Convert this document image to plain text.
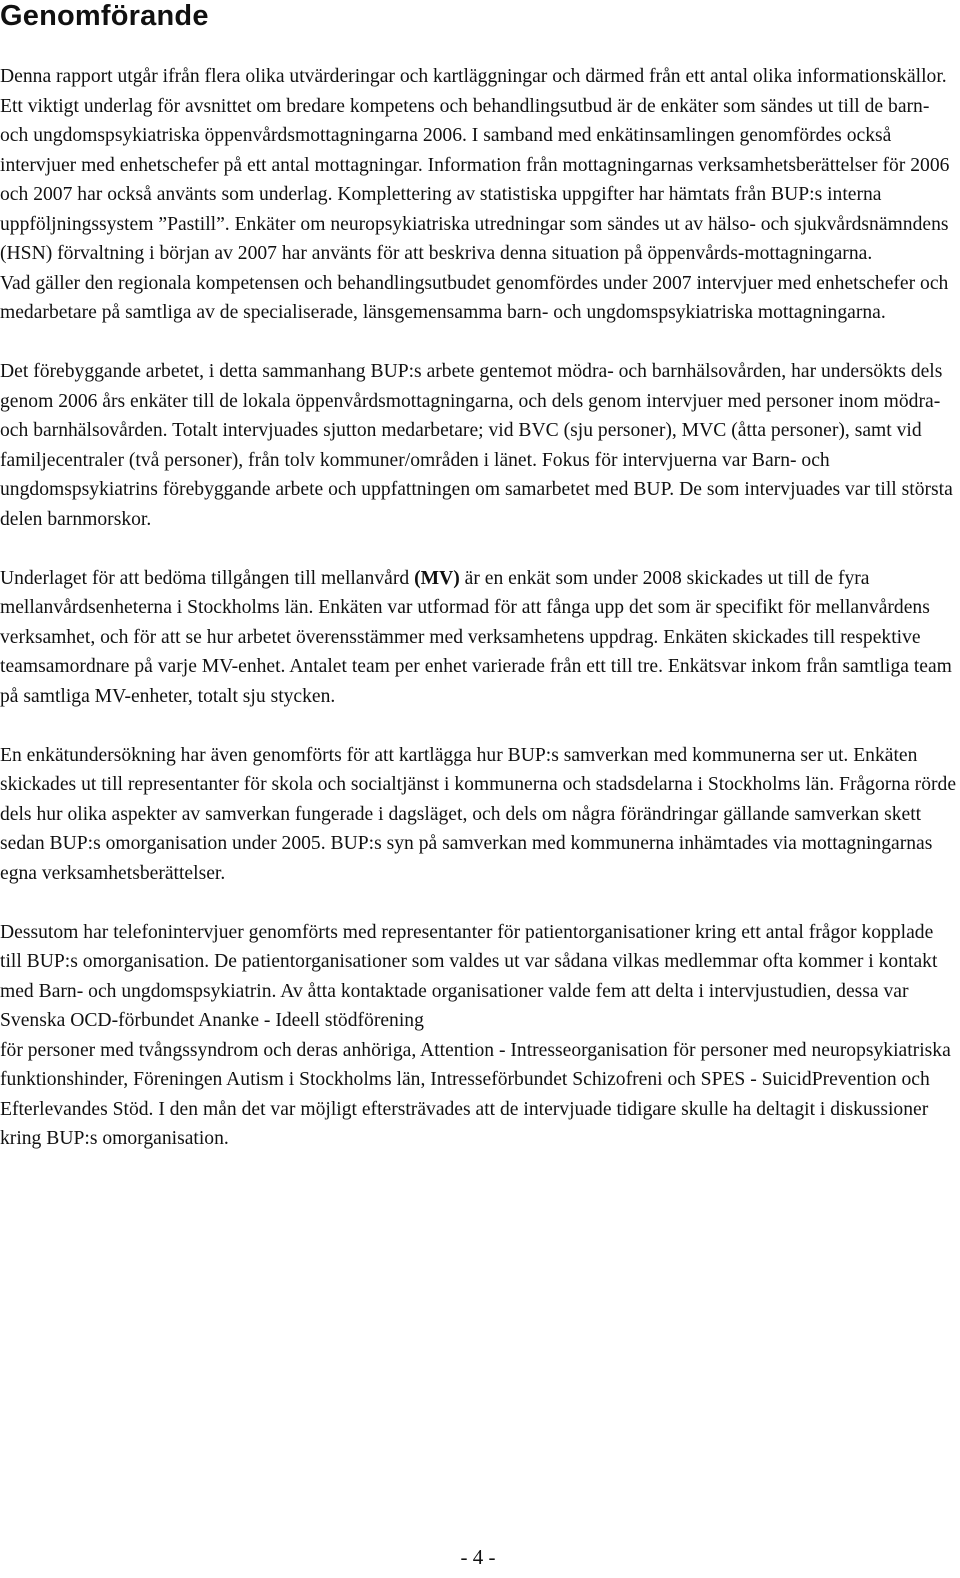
Genomförande

Denna rapport utgår ifrån flera olika utvärderingar och kartläggningar och därmed från ett antal olika informationskällor. Ett viktigt underlag för avsnittet om bredare kompetens och behandlingsutbud är de enkäter som sändes ut till de barn- och ungdomspsykiatriska öppenvårdsmottagningarna 2006. I samband med enkätinsamlingen genomfördes också intervjuer med enhetschefer på ett antal mottagningar. Information från mottagningarnas verksamhetsberättelser för 2006 och 2007 har också använts som underlag. Komplettering av statistiska uppgifter har hämtats från BUP:s interna uppföljningssystem ”Pastill”. Enkäter om neuropsykiatriska utredningar som sändes ut av hälso- och sjukvårdsnämndens (HSN) förvaltning i början av 2007 har använts för att beskriva denna situation på öppenvårds-mottagningarna.

Vad gäller den regionala kompetensen och behandlingsutbudet genomfördes under 2007 intervjuer med enhetschefer och medarbetare på samtliga av de specialiserade, länsgemensamma barn- och ungdomspsykiatriska mottagningarna.

Det förebyggande arbetet, i detta sammanhang BUP:s arbete gentemot mödra- och barnhälsovården, har undersökts dels genom 2006 års enkäter till de lokala öppenvårdsmottagningarna, och dels genom intervjuer med personer inom mödra- och barnhälsovården. Totalt intervjuades sjutton medarbetare; vid BVC (sju personer), MVC (åtta personer), samt vid familjecentraler (två personer), från tolv kommuner/områden i länet. Fokus för intervjuerna var Barn- och ungdomspsykiatrins förebyggande arbete och uppfattningen om samarbetet med BUP. De som intervjuades var till största delen barnmorskor.

Underlaget för att bedöma tillgången till mellanvård (MV) är en enkät som under 2008 skickades ut till de fyra mellanvårdsenheterna i Stockholms län. Enkäten var utformad för att fånga upp det som är specifikt för mellanvårdens verksamhet, och för att se hur arbetet överensstämmer med verksamhetens uppdrag. Enkäten skickades till respektive teamsamordnare på varje MV-enhet. Antalet team per enhet varierade från ett till tre. Enkätsvar inkom från samtliga team på samtliga MV-enheter, totalt sju stycken.

En enkätundersökning har även genomförts för att kartlägga hur BUP:s samverkan med kommunerna ser ut. Enkäten skickades ut till representanter för skola och socialtjänst i kommunerna och stadsdelarna i Stockholms län. Frågorna rörde dels hur olika aspekter av samverkan fungerade i dagsläget, och dels om några förändringar gällande samverkan skett sedan BUP:s omorganisation under 2005. BUP:s syn på samverkan med kommunerna inhämtades via mottagningarnas egna verksamhetsberättelser.

Dessutom har telefonintervjuer genomförts med representanter för patientorganisationer kring ett antal frågor kopplade till BUP:s omorganisation. De patientorganisationer som valdes ut var sådana vilkas medlemmar ofta kommer i kontakt med Barn- och ungdomspsykiatrin. Av åtta kontaktade organisationer valde fem att delta i intervjustudien, dessa var Svenska OCD-förbundet Ananke - Ideell stödförening
för personer med tvångssyndrom och deras anhöriga, Attention - Intresseorganisation för personer med neuropsykiatriska funktionshinder, Föreningen Autism i Stockholms län, Intresseförbundet Schizofreni och SPES - SuicidPrevention och Efterlevandes Stöd. I den mån det var möjligt eftersträvades att de intervjuade tidigare skulle ha deltagit i diskussioner kring BUP:s omorganisation.

- 4 -
